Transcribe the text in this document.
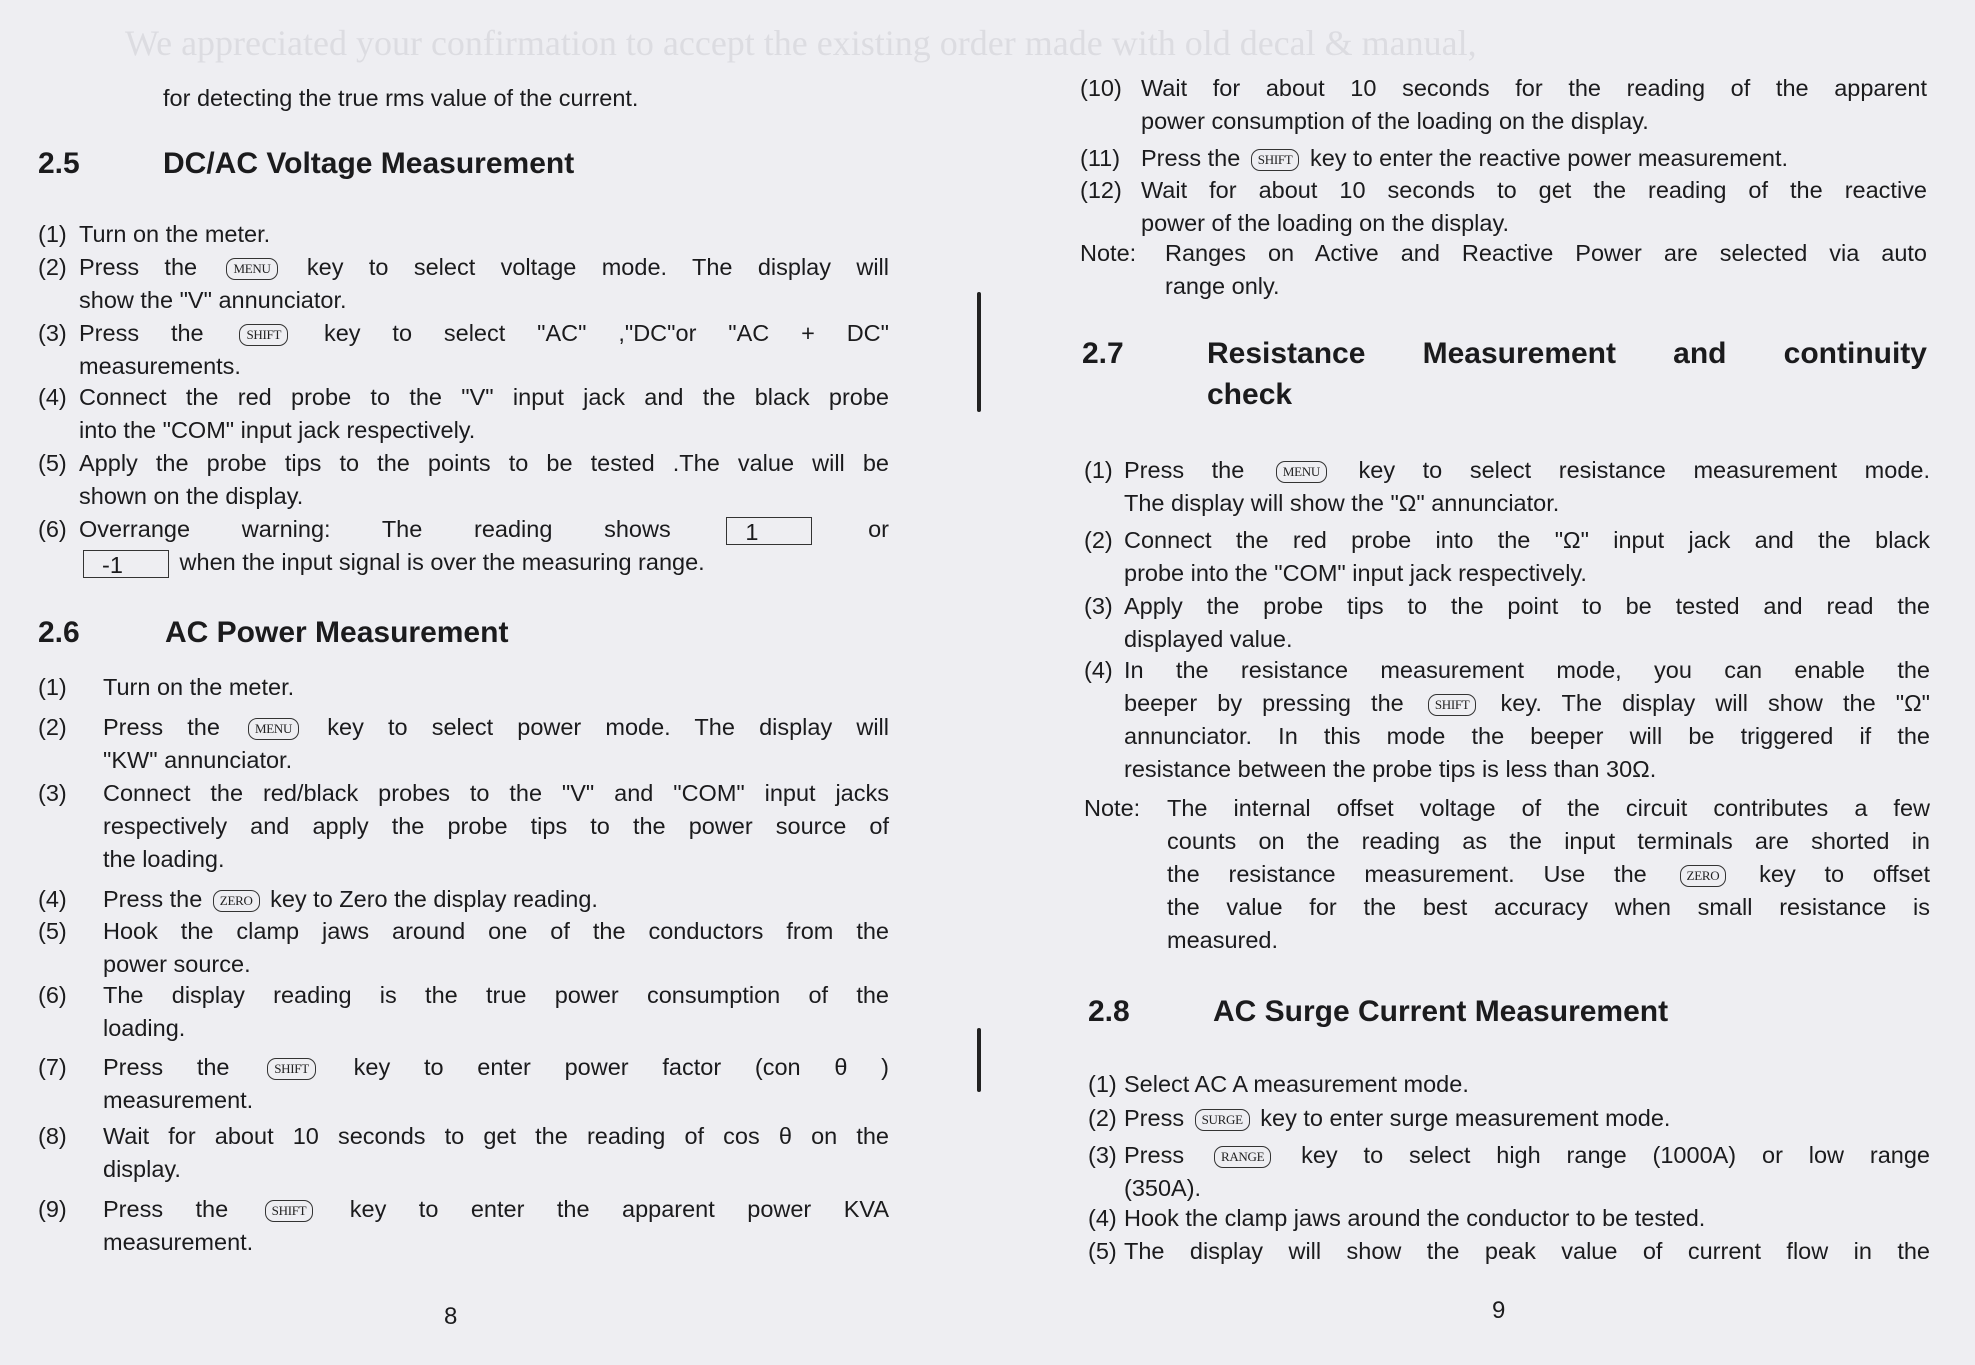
We appreciated your confirmation to accept the existing order made with old decal & manual,
for detecting the true rms value of the current.
2.5	DC/AC Voltage Measurement
2.6	AC Power Measurement
8
2.7	Resistance Measurement and continuity
check
2.8	AC Surge Current Measurement
9
(1) Turn on the meter.
(2) Press the MENU key to select voltage mode. The display will
show the "V" annunciator.
(3) Press the SHIFT key to select "AC" ,"DC"or "AC + DC"
measurements.
(4) Connect the red probe to the "V" input jack and the black probe
into the "COM" input jack respectively.
(5) Apply the probe tips to the points to be tested .The value will be
shown on the display.
(6) Overrange warning: The reading shows 1 or
-1 when the input signal is over the measuring range.
(1) Turn on the meter.
(2) Press the MENU key to select power mode. The display will
"KW" annunciator.
(3) Connect the red/black probes to the "V" and "COM" input jacks
respectively and apply the probe tips to the power source of
the loading.
(4) Press the ZERO key to Zero the display reading.
(5) Hook the clamp jaws around one of the conductors from the
power source.
(6) The display reading is the true power consumption of the
loading.
(7) Press the SHIFT key to enter power factor (con θ )
measurement.
(8) Wait for about 10 seconds to get the reading of cos θ on the
display.
(9) Press the SHIFT key to enter the apparent power KVA
measurement.
(10) Wait for about 10 seconds for the reading of the apparent
power consumption of the loading on the display.
(11) Press the SHIFT key to enter the reactive power measurement.
(12) Wait for about 10 seconds to get the reading of the reactive
power of the loading on the display.
Note: Ranges on Active and Reactive Power are selected via auto
range only.
(1) Press the MENU key to select resistance measurement mode.
The display will show the "Ω" annunciator.
(2) Connect the red probe into the "Ω" input jack and the black
probe into the "COM" input jack respectively.
(3) Apply the probe tips to the point to be tested and read the
displayed value.
(4) In the resistance measurement mode, you can enable the
beeper by pressing the SHIFT key. The display will show the "Ω"
annunciator. In this mode the beeper will be triggered if the
resistance between the probe tips is less than 30Ω.
Note: The internal offset voltage of the circuit contributes a few
counts on the reading as the input terminals are shorted in
the resistance measurement. Use the ZERO key to offset
the value for the best accuracy when small resistance is
measured.
(1) Select AC A measurement mode.
(2) Press SURGE key to enter surge measurement mode.
(3) Press RANGE key to select high range (1000A) or low range
(350A).
(4) Hook the clamp jaws around the conductor to be tested.
(5) The display will show the peak value of current flow in the
